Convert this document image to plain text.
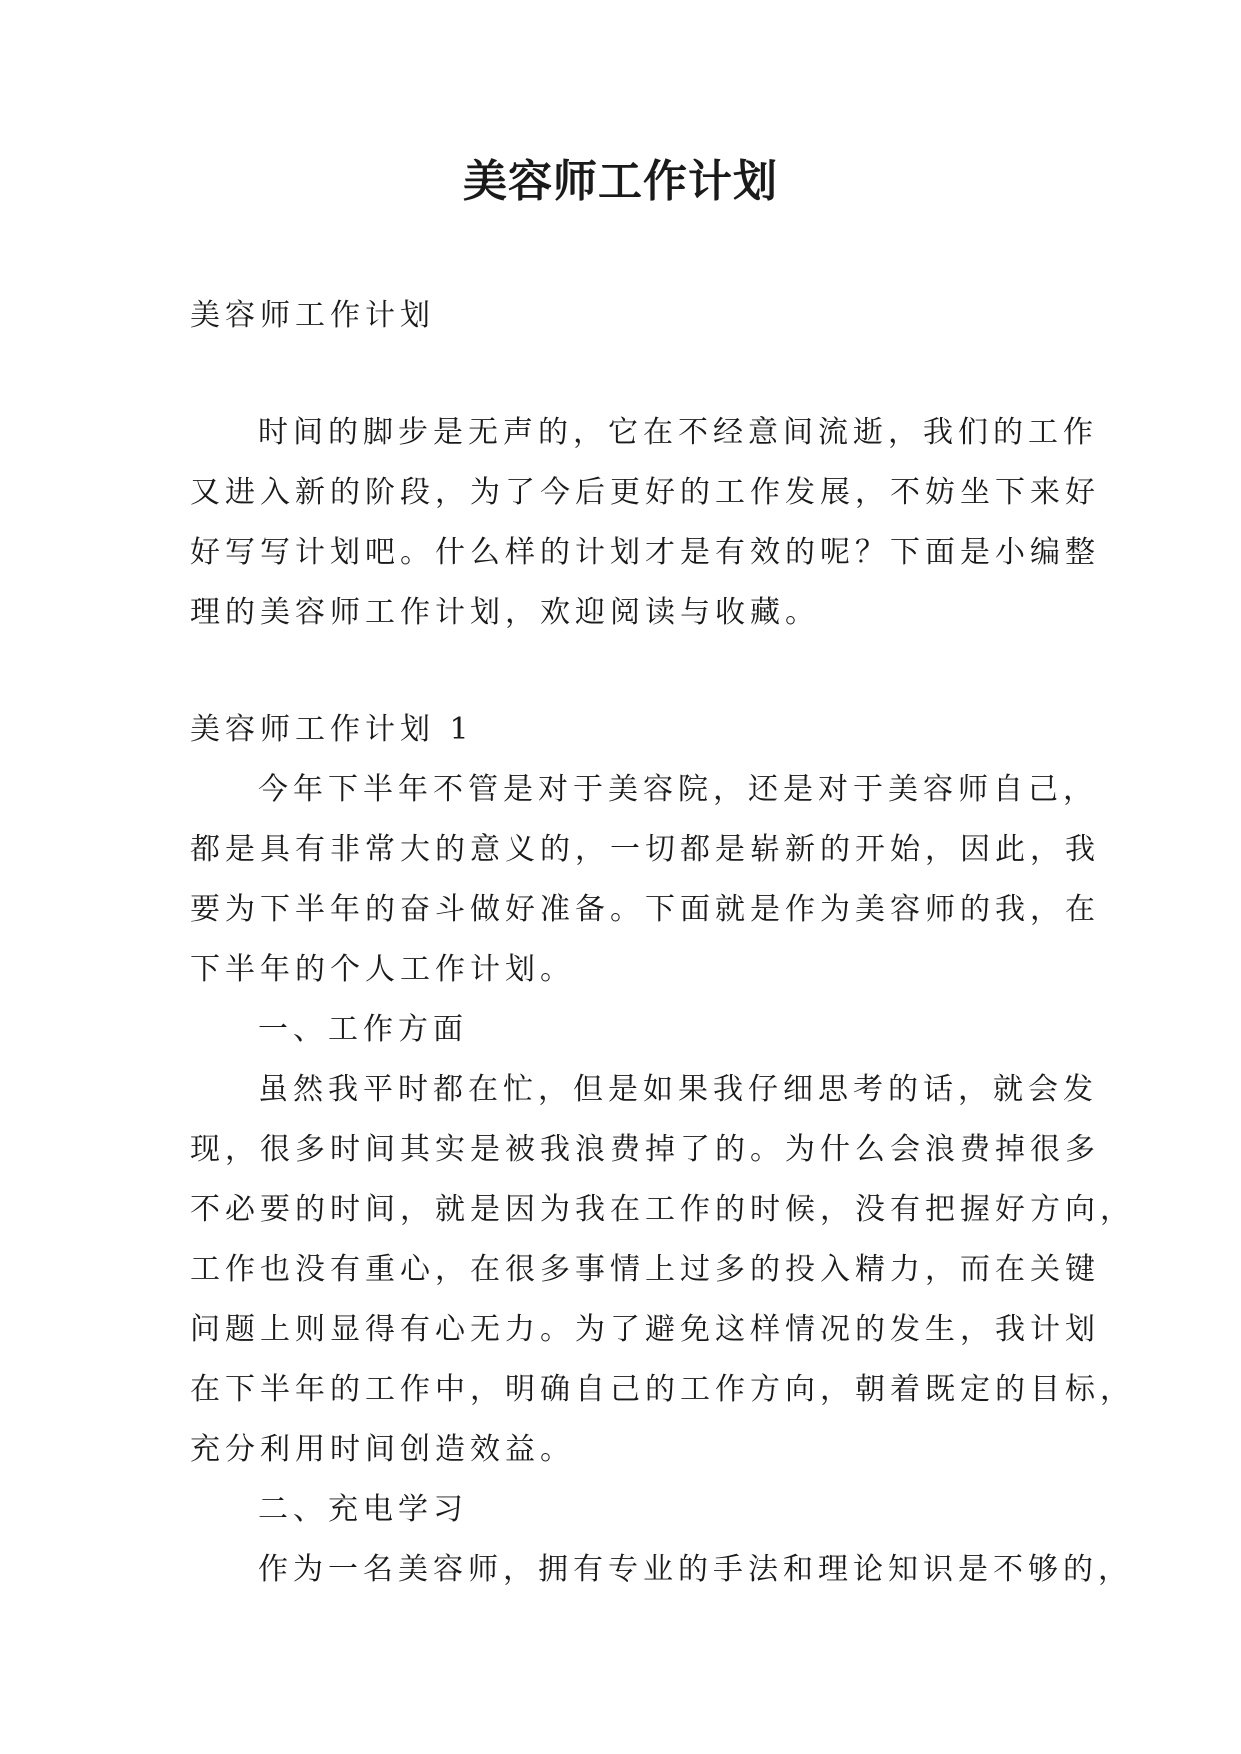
美容师工作计划

美容师工作计划

时间的脚步是无声的，它在不经意间流逝，我们的工作

又进入新的阶段，为了今后更好的工作发展，不妨坐下来好

好写写计划吧。什么样的计划才是有效的呢？下面是小编整

理的美容师工作计划，欢迎阅读与收藏。

美容师工作计划 1

今年下半年不管是对于美容院，还是对于美容师自己，

都是具有非常大的意义的，一切都是崭新的开始，因此，我

要为下半年的奋斗做好准备。下面就是作为美容师的我，在

下半年的个人工作计划。

一、工作方面

虽然我平时都在忙，但是如果我仔细思考的话，就会发

现，很多时间其实是被我浪费掉了的。为什么会浪费掉很多

不必要的时间，就是因为我在工作的时候，没有把握好方向，

工作也没有重心，在很多事情上过多的投入精力，而在关键

问题上则显得有心无力。为了避免这样情况的发生，我计划

在下半年的工作中，明确自己的工作方向，朝着既定的目标，

充分利用时间创造效益。

二、充电学习

作为一名美容师，拥有专业的手法和理论知识是不够的，
